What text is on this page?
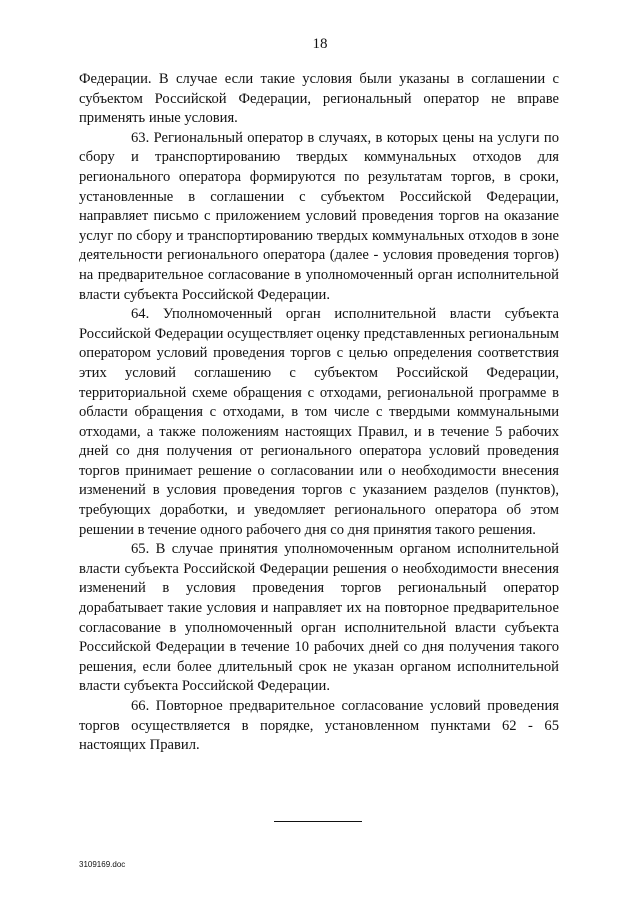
18

Федерации. В случае если такие условия были указаны в соглашении с субъектом Российской Федерации, региональный оператор не вправе применять иные условия.

63. Региональный оператор в случаях, в которых цены на услуги по сбору и транспортированию твердых коммунальных отходов для регионального оператора формируются по результатам торгов, в сроки, установленные в соглашении с субъектом Российской Федерации, направляет письмо с приложением условий проведения торгов на оказание услуг по сбору и транспортированию твердых коммунальных отходов в зоне деятельности регионального оператора (далее - условия проведения торгов) на предварительное согласование в уполномоченный орган исполнительной власти субъекта Российской Федерации.

64. Уполномоченный орган исполнительной власти субъекта Российской Федерации осуществляет оценку представленных региональным оператором условий проведения торгов с целью определения соответствия этих условий соглашению с субъектом Российской Федерации, территориальной схеме обращения с отходами, региональной программе в области обращения с отходами, в том числе с твердыми коммунальными отходами, а также положениям настоящих Правил, и в течение 5 рабочих дней со дня получения от регионального оператора условий проведения торгов принимает решение о согласовании или о необходимости внесения изменений в условия проведения торгов с указанием разделов (пунктов), требующих доработки, и уведомляет регионального оператора об этом решении в течение одного рабочего дня со дня принятия такого решения.

65. В случае принятия уполномоченным органом исполнительной власти субъекта Российской Федерации решения о необходимости внесения изменений в условия проведения торгов региональный оператор дорабатывает такие условия и направляет их на повторное предварительное согласование в уполномоченный орган исполнительной власти субъекта Российской Федерации в течение 10 рабочих дней со дня получения такого решения, если более длительный срок не указан органом исполнительной власти субъекта Российской Федерации.

66. Повторное предварительное согласование условий проведения торгов осуществляется в порядке, установленном пунктами 62 - 65 настоящих Правил.

3109169.doc
